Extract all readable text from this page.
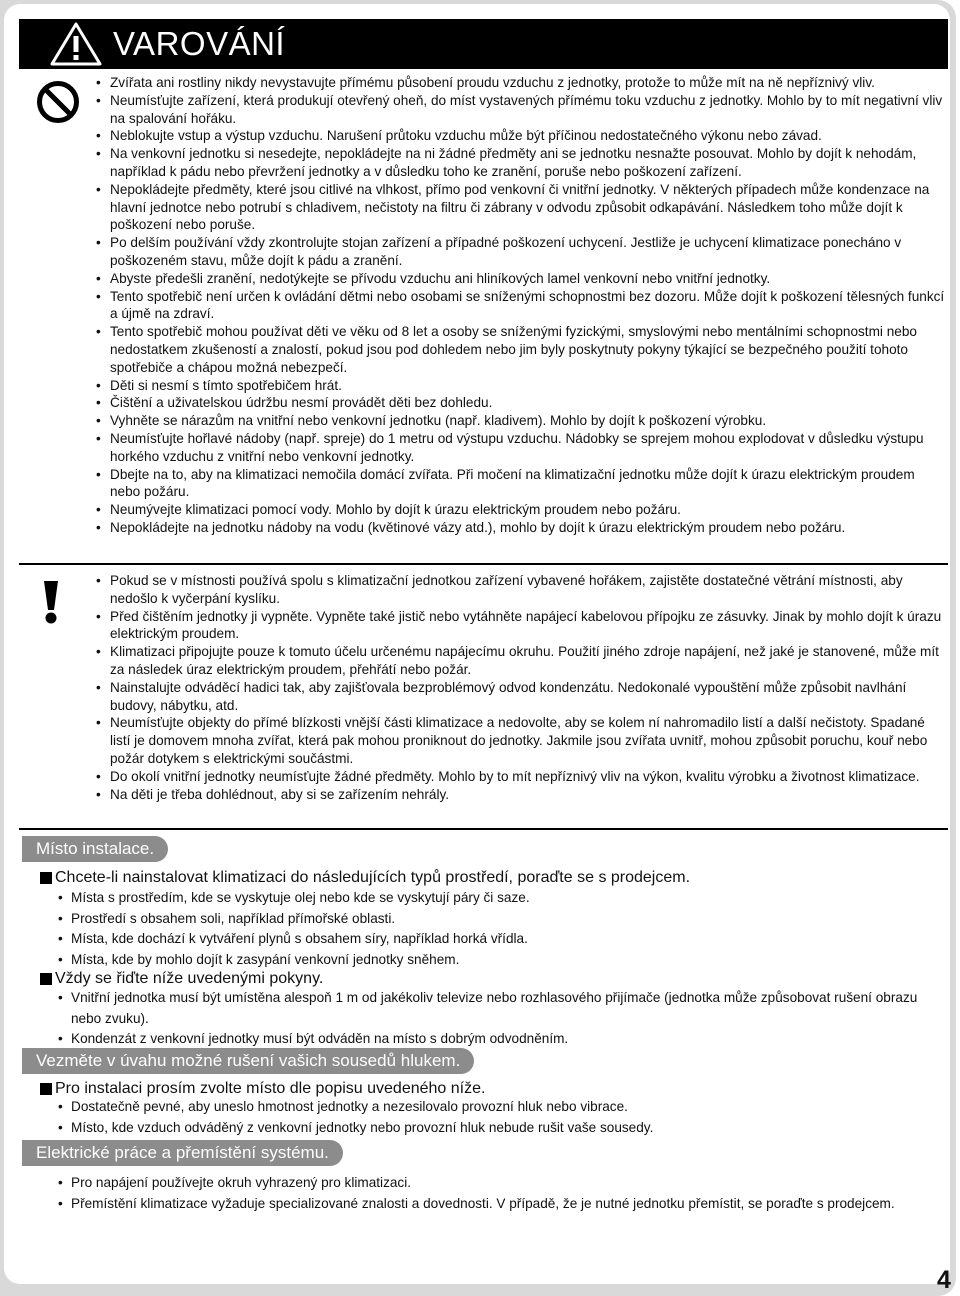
VAROVÁNÍ
• Zvířata ani rostliny nikdy nevystavujte přímému působení proudu vzduchu z jednotky, protože to může mít na ně nepříznivý vliv.
• Neumísťujte zařízení, která produkují otevřený oheň, do míst vystavených přímému toku vzduchu z jednotky. Mohlo by to mít negativní vliv na spalování hořáku.
• Neblokujte vstup a výstup vzduchu. Narušení průtoku vzduchu může být příčinou nedostatečného výkonu nebo závad.
• Na venkovní jednotku si nesedejte, nepokládejte na ni žádné předměty ani se jednotku nesnažte posouvat. Mohlo by dojít k nehodám, například k pádu nebo převržení jednotky a v důsledku toho ke zranění, poruše nebo poškození zařízení.
• Nepokládejte předměty, které jsou citlivé na vlhkost, přímo pod venkovní či vnitřní jednotky. V některých případech může kondenzace na hlavní jednotce nebo potrubí s chladivem, nečistoty na filtru či zábrany v odvodu způsobit odkapávání. Následkem toho může dojít k poškození nebo poruše.
• Po delším používání vždy zkontrolujte stojan zařízení a případné poškození uchycení. Jestliže je uchycení klimatizace ponecháno v poškozeném stavu, může dojít k pádu a zranění.
• Abyste předešli zranění, nedotýkejte se přívodu vzduchu ani hliníkových lamel venkovní nebo vnitřní jednotky.
• Tento spotřebič není určen k ovládání dětmi nebo osobami se sníženými schopnostmi bez dozoru. Může dojít k poškození tělesných funkcí a újmě na zdraví.
• Tento spotřebič mohou používat děti ve věku od 8 let a osoby se sníženými fyzickými, smyslovými nebo mentálními schopnostmi nebo nedostatkem zkušeností a znalostí, pokud jsou pod dohledem nebo jim byly poskytnuty pokyny týkající se bezpečného použití tohoto spotřebiče a chápou možná nebezpečí.
• Děti si nesmí s tímto spotřebičem hrát.
• Čištění a uživatelskou údržbu nesmí provádět děti bez dohledu.
• Vyhněte se nárazům na vnitřní nebo venkovní jednotku (např. kladivem). Mohlo by dojít k poškození výrobku.
• Neumísťujte hořlavé nádoby (např. spreje) do 1 metru od výstupu vzduchu. Nádobky se sprejem mohou explodovat v důsledku výstupu horkého vzduchu z vnitřní nebo venkovní jednotky.
• Dbejte na to, aby na klimatizaci nemočila domácí zvířata. Při močení na klimatizační jednotku může dojít k úrazu elektrickým proudem nebo požáru.
• Neumývejte klimatizaci pomocí vody. Mohlo by dojít k úrazu elektrickým proudem nebo požáru.
• Nepokládejte na jednotku nádoby na vodu (květinové vázy atd.), mohlo by dojít k úrazu elektrickým proudem nebo požáru.
• Pokud se v místnosti používá spolu s klimatizační jednotkou zařízení vybavené hořákem, zajistěte dostatečné větrání místnosti, aby nedošlo k vyčerpání kyslíku.
• Před čištěním jednotky ji vypněte. Vypněte také jistič nebo vytáhněte napájecí kabelovou přípojku ze zásuvky. Jinak by mohlo dojít k úrazu elektrickým proudem.
• Klimatizaci připojujte pouze k tomuto účelu určenému napájecímu okruhu. Použití jiného zdroje napájení, než jaké je stanovené, může mít za následek úraz elektrickým proudem, přehřátí nebo požár.
• Nainstalujte odváděcí hadici tak, aby zajišťovala bezproblémový odvod kondenzátu. Nedokonalé vypouštění může způsobit navlhání budovy, nábytku, atd.
• Neumísťujte objekty do přímé blízkosti vnější části klimatizace a nedovolte, aby se kolem ní nahromadilo listí a další nečistoty. Spadané listí je domovem mnoha zvířat, která pak mohou proniknout do jednotky. Jakmile jsou zvířata uvnitř, mohou způsobit poruchu, kouř nebo požár dotykem s elektrickými součástmi.
• Do okolí vnitřní jednotky neumísťujte žádné předměty. Mohlo by to mít nepříznivý vliv na výkon, kvalitu výrobku a životnost klimatizace.
• Na děti je třeba dohlédnout, aby si se zařízením nehrály.
Místo instalace.
Chcete-li nainstalovat klimatizaci do následujících typů prostředí, poraďte se s prodejcem.
• Místa s prostředím, kde se vyskytuje olej nebo kde se vyskytují páry či saze.
• Prostředí s obsahem soli, například přímořské oblasti.
• Místa, kde dochází k vytváření plynů s obsahem síry, například horká vřídla.
• Místa, kde by mohlo dojít k zasypání venkovní jednotky sněhem.
Vždy se řiďte níže uvedenými pokyny.
• Vnitřní jednotka musí být umístěna alespoň 1 m od jakékoliv televize nebo rozhlasového přijímače (jednotka může způsobovat rušení obrazu nebo zvuku).
• Kondenzát z venkovní jednotky musí být odváděn na místo s dobrým odvodněním.
Vezměte v úvahu možné rušení vašich sousedů hlukem.
Pro instalaci prosím zvolte místo dle popisu uvedeného níže.
• Dostatečně pevné, aby uneslo hmotnost jednotky a nezesilovalo provozní hluk nebo vibrace.
• Místo, kde vzduch odváděný z venkovní jednotky nebo provozní hluk nebude rušit vaše sousedy.
Elektrické práce a přemístění systému.
• Pro napájení používejte okruh vyhrazený pro klimatizaci.
• Přemístění klimatizace vyžaduje specializované znalosti a dovednosti. V případě, že je nutné jednotku přemístit, se poraďte s prodejcem.
4
